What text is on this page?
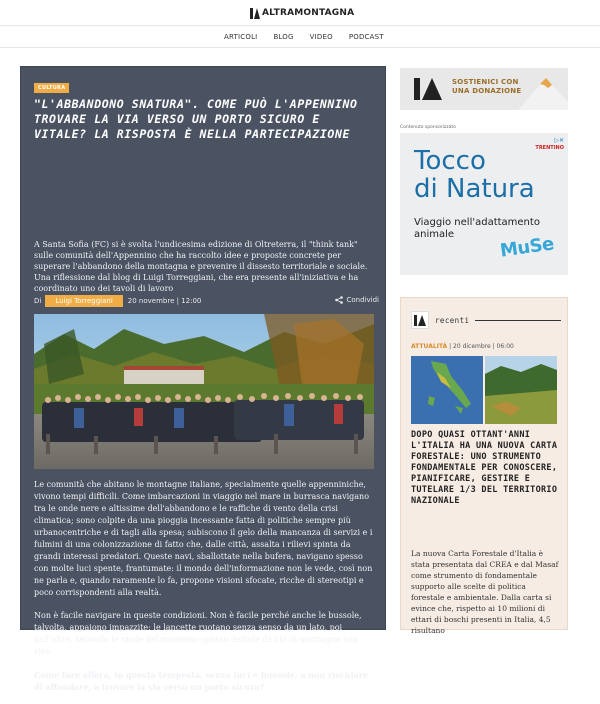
ALTRAMONTAGNA
ARTICOLI BLOG VIDEO PODCAST
CULTURA
"L'ABBANDONO SNATURA". COME PUÒ L'APPENNINO TROVARE LA VIA VERSO UN PORTO SICURO E VITALE? LA RISPOSTA È NELLA PARTECIPAZIONE

A Santa Sofia (FC) si è svolta l'undicesima edizione di Oltreterra, il "think tank" sulle comunità dell'Appennino che ha raccolto idee e proposte concrete per superare l'abbandono della montagna e prevenire il dissesto territoriale e sociale. Una riflessione dal blog di Luigi Torreggiani, che era presente all'iniziativa e ha coordinato uno dei tavoli di lavoro

Di	Luigi Torreggiani	20 novembre | 12:00	Condividi

Le comunità che abitano le montagne italiane, specialmente quelle appenniniche, vivono tempi difficili. Come imbarcazioni in viaggio nel mare in burrasca navigano tra le onde nere e altissime dell'abbandono e le raffiche di vento della crisi climatica; sono colpite da una pioggia incessante fatta di politiche sempre più urbanocentriche e di tagli alla spesa; subiscono il gelo della mancanza di servizi e i fulmini di una colonizzazione di fatto che, dalle città, assalta i rilievi spinta da grandi interessi predatori. Queste navi, sballottate nella bufera, navigano spesso con molte luci spente, frantumate: il mondo dell'informazione non le vede, così non ne parla e, quando raramente lo fa, propone visioni sfocate, ricche di stereotipi e poco corrispondenti alla realtà.

Non è facile navigare in queste condizioni. Non è facile perché anche le bussole, talvolta, appaiono impazzite: le lancette ruotano senza senso da un lato, poi dall'altro, secondo le mode del momento spesso dettate da chi in montagna non vive.

Come fare allora, in questa tempesta, senza luci e bussole, a non rischiare di affondare, a trovare la via verso un porto sicuro?

SOSTIENICI CON UNA DONAZIONE
Contenuto sponsorizzato
▷✕
TRENTINO
Tocco
di Natura
Viaggio nell'adattamento animale	MuSe
recenti
ATTUALITÀ | 20 dicembre | 06:00
DOPO QUASI OTTANT'ANNI L'ITALIA HA UNA NUOVA CARTA FORESTALE: UNO STRUMENTO FONDAMENTALE PER CONOSCERE, PIANIFICARE, GESTIRE E TUTELARE 1/3 DEL TERRITORIO NAZIONALE
La nuova Carta Forestale d'Italia è stata presentata dal CREA e dal Masaf come strumento di fondamentale supporto alle scelte di politica forestale e ambientale. Dalla carta si evince che, rispetto ai 10 milioni di ettari di boschi presenti in Italia, 4,5 risultano
